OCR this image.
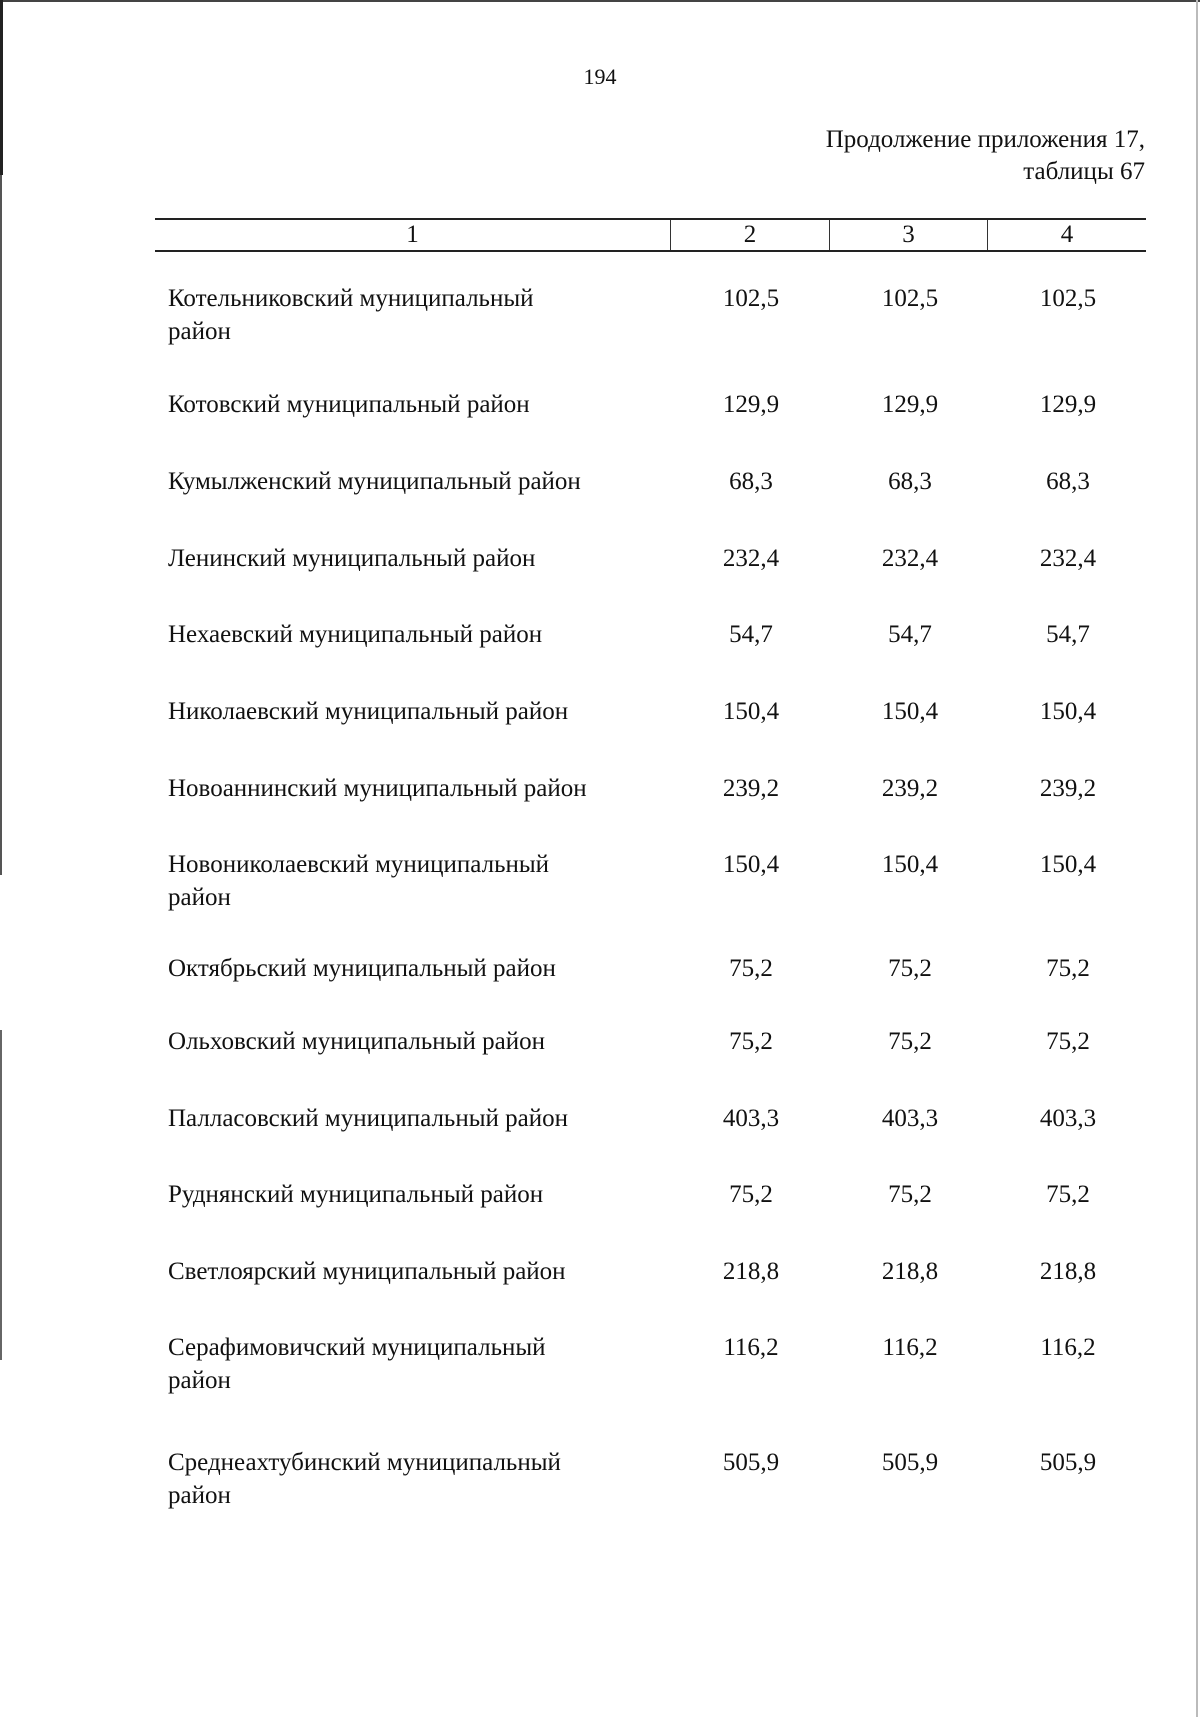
194
Продолжение приложения 17,
таблицы 67
1	2	3	4
Котельниковский муниципальный
район
102,5	102,5	102,5
Котовский муниципальный район	129,9	129,9	129,9
Кумылженский муниципальный район	68,3	68,3	68,3
Ленинский муниципальный район	232,4	232,4	232,4
Нехаевский муниципальный район	54,7	54,7	54,7
Николаевский муниципальный район	150,4	150,4	150,4
Новоаннинский муниципальный район	239,2	239,2	239,2
Новониколаевский муниципальный
район
150,4	150,4	150,4
Октябрьский муниципальный район	75,2	75,2	75,2
Ольховский муниципальный район	75,2	75,2	75,2
Палласовский муниципальный район	403,3	403,3	403,3
Руднянский муниципальный район	75,2	75,2	75,2
Светлоярский муниципальный район	218,8	218,8	218,8
Серафимовичский муниципальный
район
116,2	116,2	116,2
Среднеахтубинский муниципальный
район
505,9	505,9	505,9
